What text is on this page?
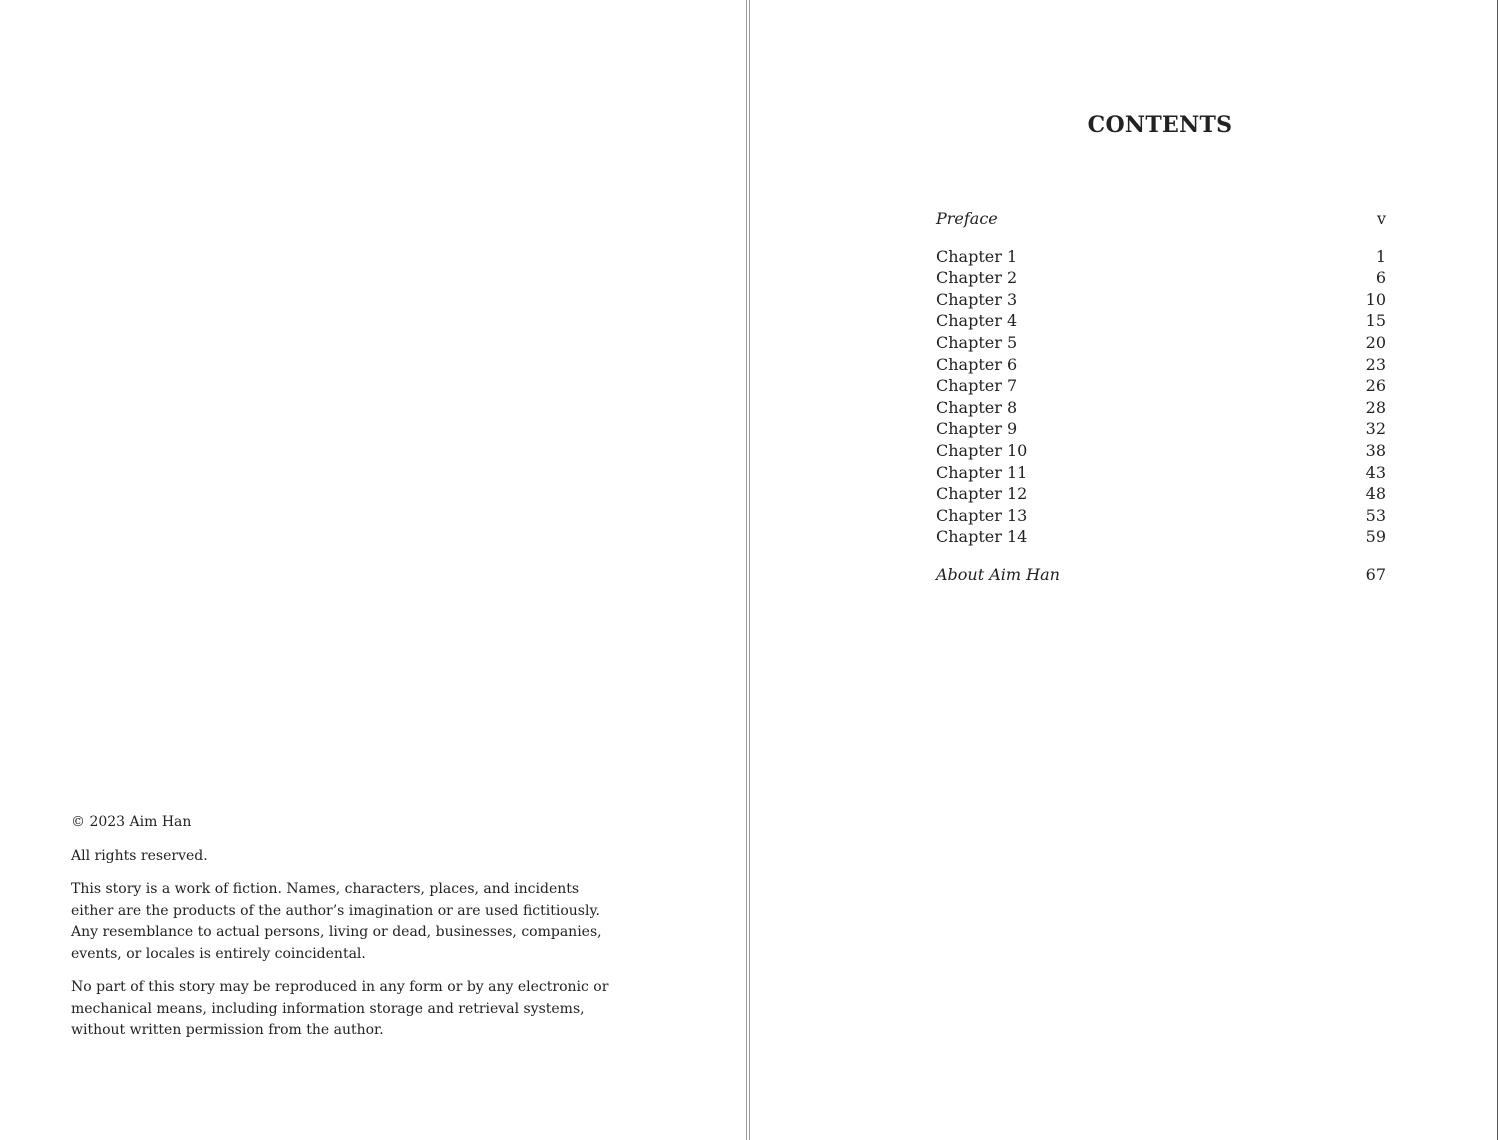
© 2023 Aim Han

All rights reserved.

This story is a work of fiction. Names, characters, places, and incidents either are the products of the author’s imagination or are used fictitiously. Any resemblance to actual persons, living or dead, businesses, companies, events, or locales is entirely coincidental.

No part of this story may be reproduced in any form or by any electronic or mechanical means, including information storage and retrieval systems, without written permission from the author.

CONTENTS
Preface	v
Chapter 1	1
Chapter 2	6
Chapter 3	10
Chapter 4	15
Chapter 5	20
Chapter 6	23
Chapter 7	26
Chapter 8	28
Chapter 9	32
Chapter 10	38
Chapter 11	43
Chapter 12	48
Chapter 13	53
Chapter 14	59
About Aim Han	67
